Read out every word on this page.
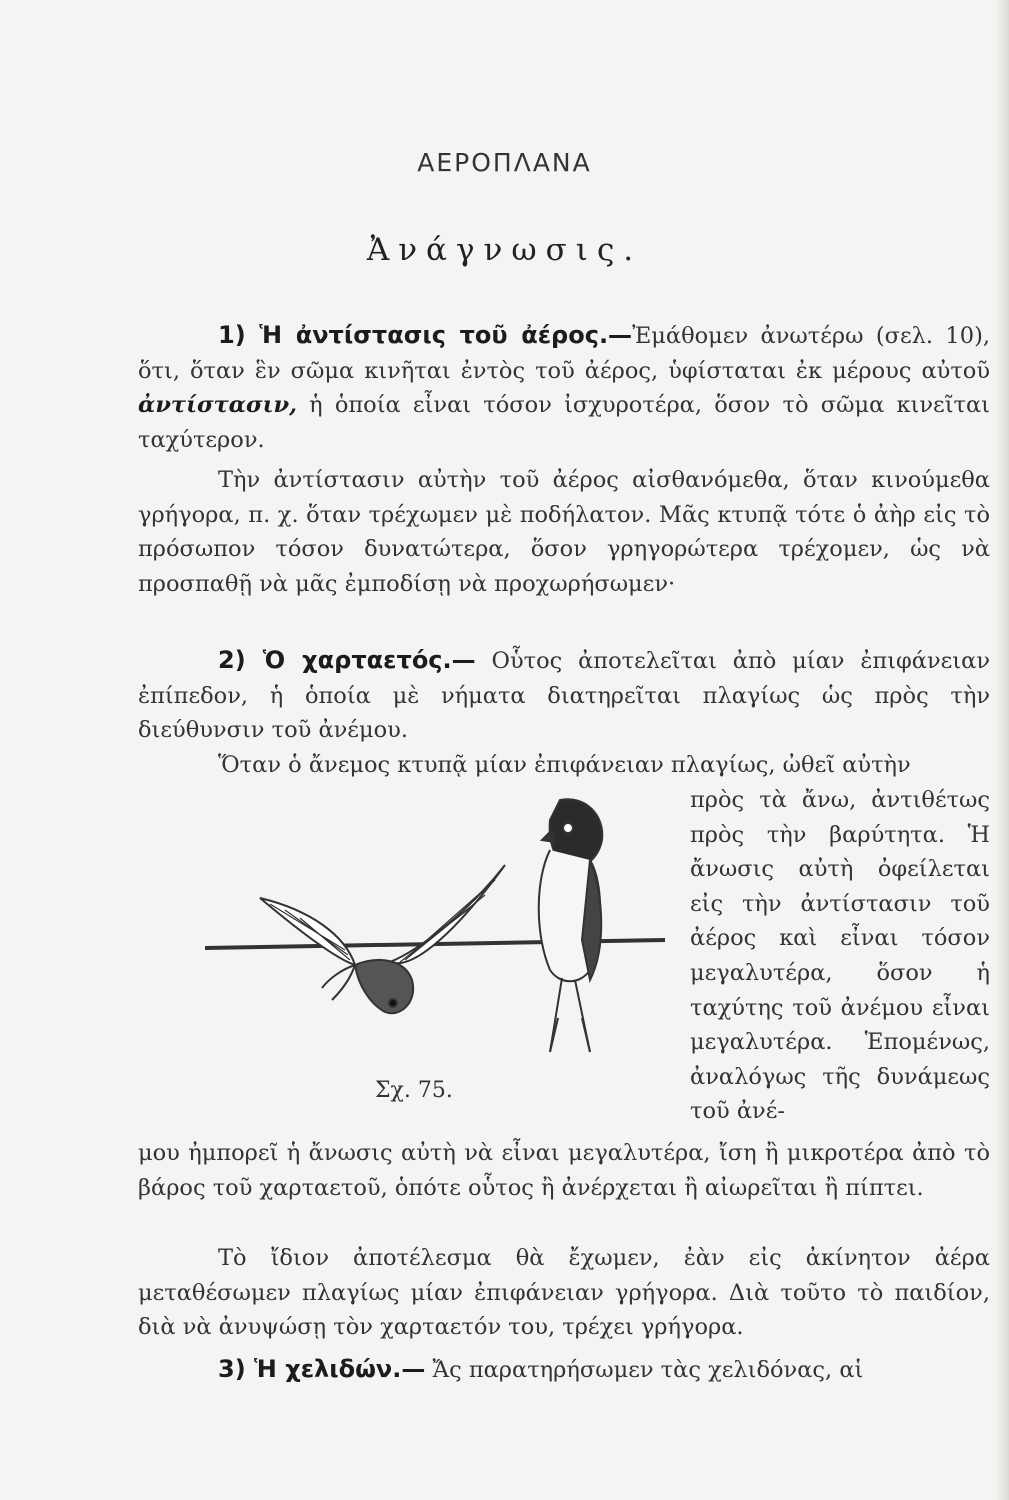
ΑΕΡΟΠΛΑΝΑ
Ἀνάγνωσις.

1) Ἡ ἀντίστασις τοῦ ἀέρος.—Ἐμάθομεν ἀνωτέρω (σελ. 10), ὅτι, ὅταν ἓν σῶμα κινῆται ἐντὸς τοῦ ἀέρος, ὑφίσταται ἐκ μέρους αὐτοῦ ἀντίστασιν, ἡ ὁποία εἶναι τόσον ἰσχυροτέρα, ὅσον τὸ σῶμα κινεῖται ταχύτερον.

Τὴν ἀντίστασιν αὐτὴν τοῦ ἀέρος αἰσθανόμεθα, ὅταν κινούμεθα γρήγορα, π. χ. ὅταν τρέχωμεν μὲ ποδήλατον. Μᾶς κτυπᾷ τότε ὁ ἀὴρ εἰς τὸ πρόσωπον τόσον δυνατώτερα, ὅσον γρηγορώτερα τρέχομεν, ὡς νὰ προσπαθῇ νὰ μᾶς ἐμποδίσῃ νὰ προχωρήσωμεν·

2) Ὁ χαρταετός.— Οὗτος ἀποτελεῖται ἀπὸ μίαν ἐπιφάνειαν ἐπίπεδον, ἡ ὁποία μὲ νήματα διατηρεῖται πλαγίως ὡς πρὸς τὴν διεύθυνσιν τοῦ ἀνέμου.

Ὅταν ὁ ἄνεμος κτυπᾷ μίαν ἐπιφάνειαν πλαγίως, ὠθεῖ αὐτὴν

πρὸς τὰ ἄνω, ἀντιθέτως πρὸς τὴν βαρύτητα. Ἡ ἄνωσις αὐτὴ ὀφείλεται εἰς τὴν ἀντίστασιν τοῦ ἀέρος καὶ εἶναι τόσον μεγαλυτέρα, ὅσον ἡ ταχύτης τοῦ ἀνέμου εἶναι μεγαλυτέρα. Ἑπομένως, ἀναλόγως τῆς δυνάμεως τοῦ ἀνέ-

Σχ. 75.

μου ἠμπορεῖ ἡ ἄνωσις αὐτὴ νὰ εἶναι μεγαλυτέρα, ἴση ἢ μικροτέρα ἀπὸ τὸ βάρος τοῦ χαρταετοῦ, ὁπότε οὗτος ἢ ἀνέρχεται ἢ αἰωρεῖται ἢ πίπτει.

Τὸ ἴδιον ἀποτέλεσμα θὰ ἔχωμεν, ἐὰν εἰς ἀκίνητον ἀέρα μεταθέσωμεν πλαγίως μίαν ἐπιφάνειαν γρήγορα. Διὰ τοῦτο τὸ παιδίον, διὰ νὰ ἀνυψώσῃ τὸν χαρταετόν του, τρέχει γρήγορα.

3) Ἡ χελιδών.— Ἄς παρατηρήσωμεν τὰς χελιδόνας, αἱ
